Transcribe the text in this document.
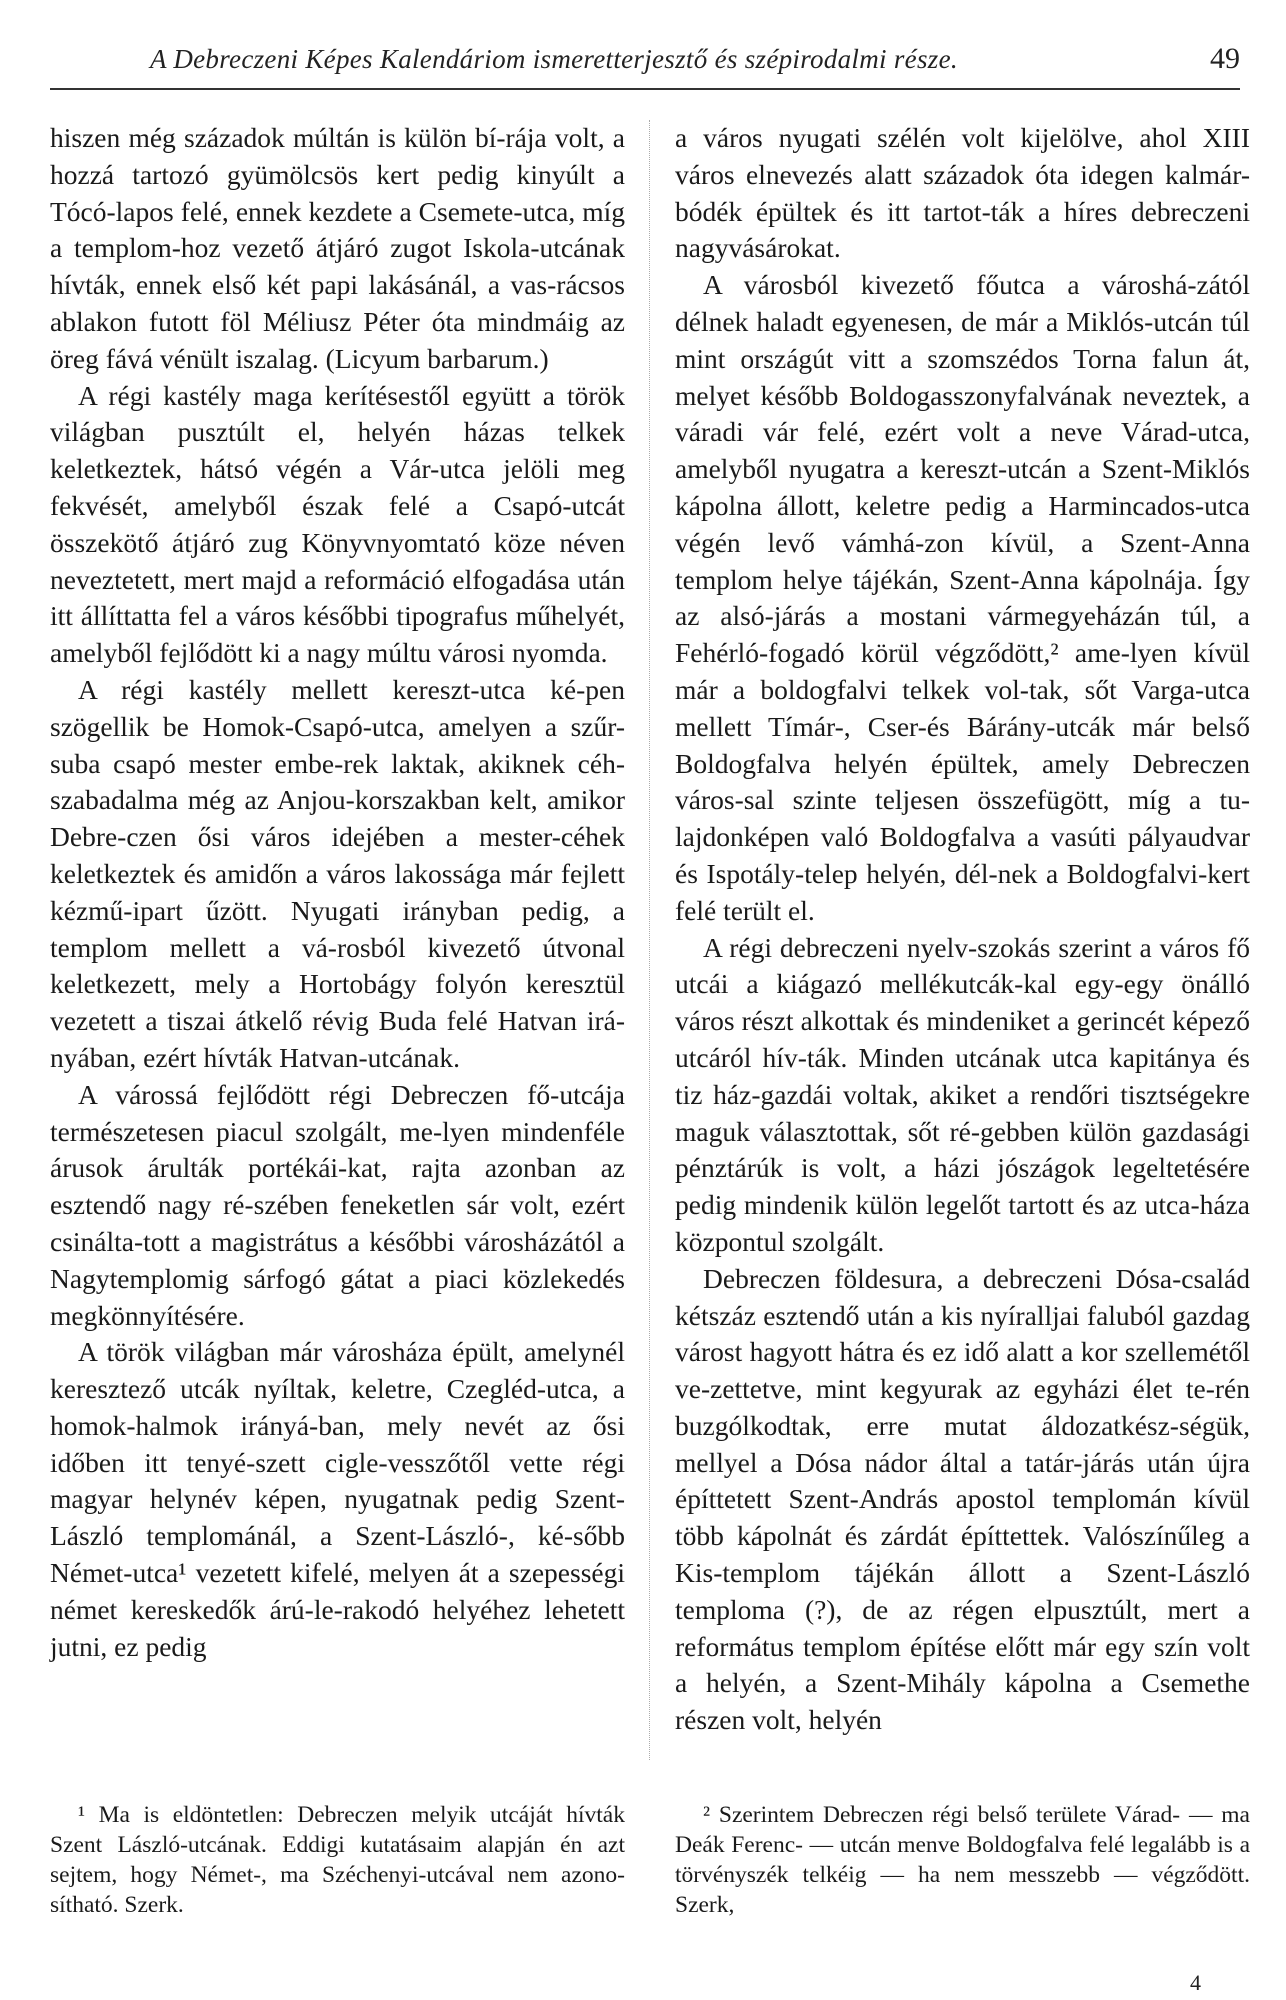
A Debreczeni Képes Kalendáriom ismeretterjesztő és szépirodalmi része.	49

hiszen még századok múltán is külön bí-rája volt, a hozzá tartozó gyümölcsös kert pedig kinyúlt a Tócó-lapos felé, ennek kezdete a Csemete-utca, míg a templom-hoz vezető átjáró zugot Iskola-utcának hívták, ennek első két papi lakásánál, a vas-rácsos ablakon futott föl Méliusz Péter óta mindmáig az öreg fává vénült iszalag. (Licyum barbarum.)

A régi kastély maga kerítésestől együtt a török világban pusztúlt el, helyén házas telkek keletkeztek, hátsó végén a Vár-utca jelöli meg fekvését, amelyből észak felé a Csapó-utcát összekötő átjáró zug Könyvnyomtató köze néven neveztetett, mert majd a reformáció elfogadása után itt állíttatta fel a város későbbi tipografus műhelyét, amelyből fejlődött ki a nagy múltu városi nyomda.

A régi kastély mellett kereszt-utca ké-pen szögellik be Homok-Csapó-utca, amelyen a szűr-suba csapó mester embe-rek laktak, akiknek céh-szabadalma még az Anjou-korszakban kelt, amikor Debre-czen ősi város idejében a mester-céhek keletkeztek és amidőn a város lakossága már fejlett kézmű-ipart űzött. Nyugati irányban pedig, a templom mellett a vá-rosból kivezető útvonal keletkezett, mely a Hortobágy folyón keresztül vezetett a tiszai átkelő révig Buda felé Hatvan irá-nyában, ezért hívták Hatvan-utcának.

A várossá fejlődött régi Debreczen fő-utcája természetesen piacul szolgált, me-lyen mindenféle árusok árulták portékái-kat, rajta azonban az esztendő nagy ré-szében feneketlen sár volt, ezért csinálta-tott a magistrátus a későbbi városházától a Nagytemplomig sárfogó gátat a piaci közlekedés megkönnyítésére.

A török világban már városháza épült, amelynél keresztező utcák nyíltak, keletre, Czegléd-utca, a homok-halmok irányá-ban, mely nevét az ősi időben itt tenyé-szett cigle-vesszőtől vette régi magyar helynév képen, nyugatnak pedig Szent-László templománál, a Szent-László-, ké-sőbb Német-utca¹ vezetett kifelé, melyen át a szepességi német kereskedők árú-le-rakodó helyéhez lehetett jutni, ez pedig

a város nyugati szélén volt kijelölve, ahol XIII város elnevezés alatt századok óta idegen kalmár-bódék épültek és itt tartot-ták a híres debreczeni nagyvásárokat.

A városból kivezető főutca a városhá-zától délnek haladt egyenesen, de már a Miklós-utcán túl mint országút vitt a szomszédos Torna falun át, melyet később Boldogasszonyfalvának neveztek, a váradi vár felé, ezért volt a neve Várad-utca, amelyből nyugatra a kereszt-utcán a Szent-Miklós kápolna állott, keletre pedig a Harmincados-utca végén levő vámhá-zon kívül, a Szent-Anna templom helye tájékán, Szent-Anna kápolnája. Így az alsó-járás a mostani vármegyeházán túl, a Fehérló-fogadó körül végződött,² ame-lyen kívül már a boldogfalvi telkek vol-tak, sőt Varga-utca mellett Tímár-, Cser-és Bárány-utcák már belső Boldogfalva helyén épültek, amely Debreczen város-sal szinte teljesen összefügött, míg a tu-lajdonképen való Boldogfalva a vasúti pályaudvar és Ispotály-telep helyén, dél-nek a Boldogfalvi-kert felé terült el.

A régi debreczeni nyelv-szokás szerint a város fő utcái a kiágazó mellékutcák-kal egy-egy önálló város részt alkottak és mindeniket a gerincét képező utcáról hív-ták. Minden utcának utca kapitánya és tiz ház-gazdái voltak, akiket a rendőri tisztségekre maguk választottak, sőt ré-gebben külön gazdasági pénztárúk is volt, a házi jószágok legeltetésére pedig mindenik külön legelőt tartott és az utca-háza központul szolgált.

Debreczen földesura, a debreczeni Dósa-család kétszáz esztendő után a kis nyíralljai faluból gazdag várost hagyott hátra és ez idő alatt a kor szellemétől ve-zettetve, mint kegyurak az egyházi élet te-rén buzgólkodtak, erre mutat áldozatkész-ségük, mellyel a Dósa nádor által a tatár-járás után újra építtetett Szent-András apostol templomán kívül több kápolnát és zárdát építtettek. Valószínűleg a Kis-templom tájékán állott a Szent-László temploma (?), de az régen elpusztúlt, mert a református templom építése előtt már egy szín volt a helyén, a Szent-Mihály kápolna a Csemethe részen volt, helyén

¹ Ma is eldöntetlen: Debreczen melyik utcáját hívták Szent László-utcának. Eddigi kutatásaim alapján én azt sejtem, hogy Német-, ma Széchenyi-utcával nem azono-sítható. Szerk.

² Szerintem Debreczen régi belső területe Várad- — ma Deák Ferenc- — utcán menve Boldogfalva felé legalább is a törvényszék telkéig — ha nem messzebb — végződött. Szerk,

4
